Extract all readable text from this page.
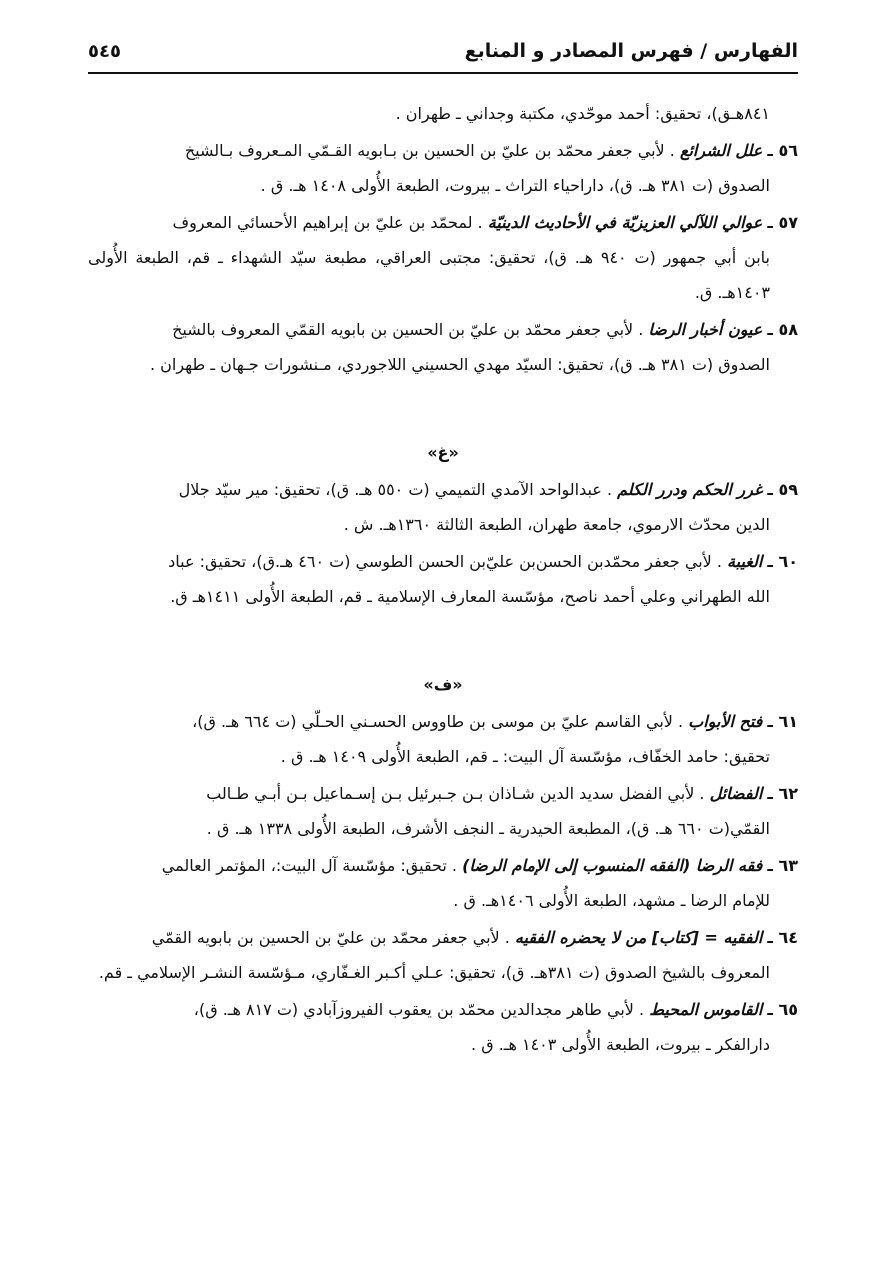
الفهارس / فهرس المصادر و المنابع
٥٤٥

٨٤١هـق)، تحقيق: أحمد موحّدي، مكتبة وجداني ـ طهران .

٥٦ ـ علل الشرائع . لأبي جعفر محمّد بن عليّ بن الحسين بن بـابويه القـمّي المـعروف بـالشيخ
الصدوق (ت ٣٨١ هـ. ق)، داراحياء التراث ـ بيروت، الطبعة الأُولى ١٤٠٨ هـ. ق .

٥٧ ـ عوالي اللآلي العزيزيّة في الأحاديث الدينيّة . لمحمّد بن عليّ بن إبراهيم الأحسائي المعروف
بابن أبي جمهور (ت ٩٤٠ هـ. ق)، تحقيق: مجتبى العراقي، مطبعة سيّد الشهداء ـ قم، الطبعة الأُولى ١٤٠٣هـ. ق.

٥٨ ـ عيون أخبار الرضا . لأبي جعفر محمّد بن عليّ بن الحسين بن بابويه القمّي المعروف بالشيخ
الصدوق (ت ٣٨١ هـ. ق)، تحقيق: السيّد مهدي الحسيني اللاجوردي، مـنشورات جـهان ـ طهران .

«غ»

٥٩ ـ غرر الحكم ودرر الكلم . عبدالواحد الآمدي التميمي (ت ٥٥٠ هـ. ق)، تحقيق: مير سيّد جلال
الدين محدّث الارموي، جامعة طهران، الطبعة الثالثة ١٣٦٠هـ. ش .

٦٠ ـ الغيبة . لأبي جعفر محمّدبن الحسن‌بن عليّ‌بن الحسن الطوسي (ت ٤٦٠ هـ.ق)، تحقيق: عباد
الله الطهراني وعلي أحمد ناصح، مؤسّسة المعارف الإسلامية ـ قم، الطبعة الأُولى ١٤١١هـ ق.

«ف»

٦١ ـ فتح الأبواب . لأبي القاسم عليّ بن موسى بن طاووس الحسـني الحـلّي (ت ٦٦٤ هـ. ق)،
تحقيق: حامد الخفّاف، مؤسّسة آل البيت: ـ قم، الطبعة الأُولى ١٤٠٩ هـ. ق .

٦٢ ـ الفضائل . لأبي الفضل سديد الدين شـاذان بـن جـبرئيل بـن إسـماعيل بـن أبـي طـالب
القمّي(ت ٦٦٠ هـ. ق)، المطبعة الحيدرية ـ النجف الأشرف، الطبعة الأُولى ١٣٣٨ هـ. ق .

٦٣ ـ فقه الرضا (الفقه المنسوب إلى الإمام الرضا) . تحقيق: مؤسّسة آل البيت:، المؤتمر العالمي
للإمام الرضا ـ مشهد، الطبعة الأُولى ١٤٠٦هـ. ق .

٦٤ ـ الفقيه = [كتاب] من لا يحضره الفقيه . لأبي جعفر محمّد بن عليّ بن الحسين بن بابويه القمّي
المعروف بالشيخ الصدوق (ت ٣٨١هـ. ق)، تحقيق: عـلي أكـبر الغـفّاري، مـؤسّسة النشـر الإسلامي ـ قم.

٦٥ ـ القاموس المحيط . لأبي طاهر مجدالدين محمّد بن يعقوب الفيروزآبادي (ت ٨١٧ هـ. ق)،
دارالفكر ـ بيروت، الطبعة الأُولى ١٤٠٣ هـ. ق .
